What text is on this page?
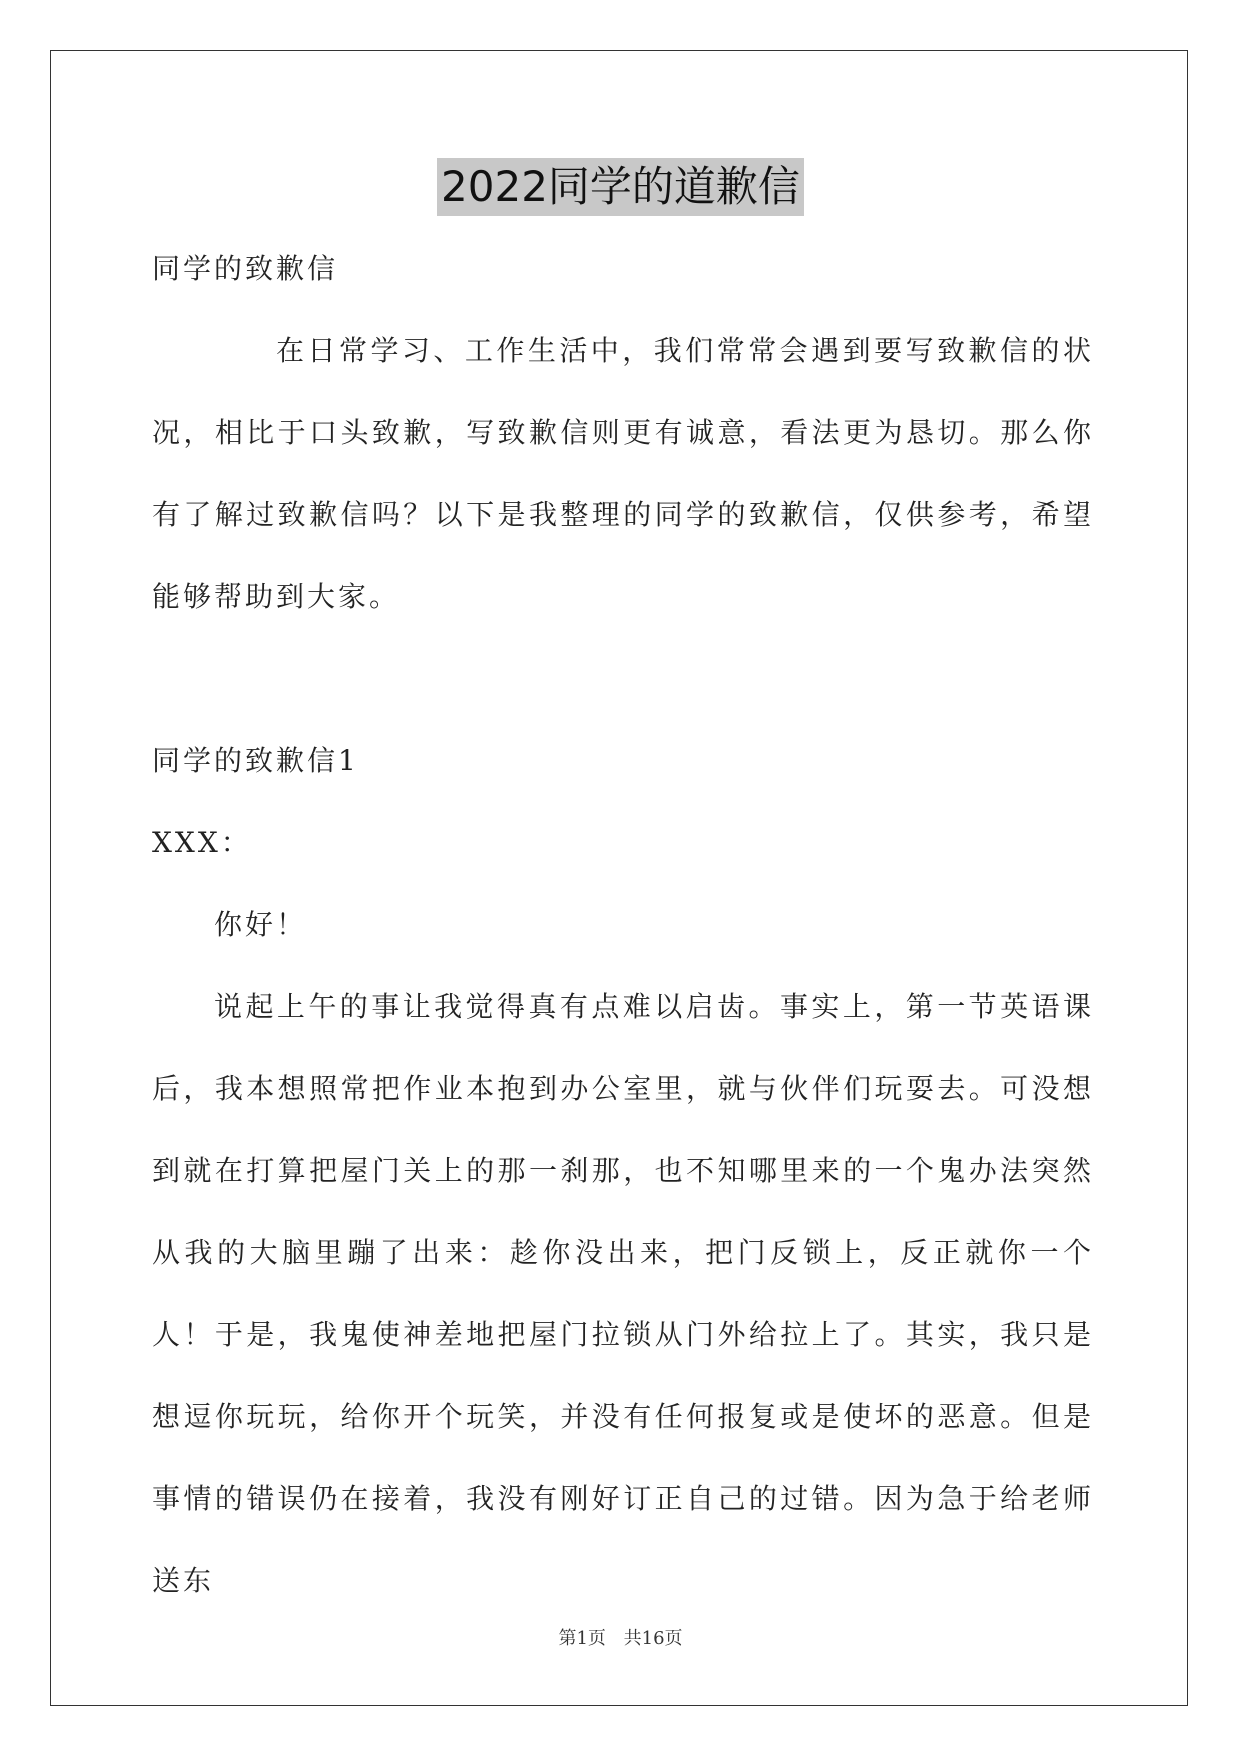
2022同学的道歉信

同学的致歉信

在日常学习、工作生活中，我们常常会遇到要写致歉信的状况，相比于口头致歉，写致歉信则更有诚意，看法更为恳切。那么你有了解过致歉信吗？以下是我整理的同学的致歉信，仅供参考，希望能够帮助到大家。

同学的致歉信1

XXX：

你好！

说起上午的事让我觉得真有点难以启齿。事实上，第一节英语课后，我本想照常把作业本抱到办公室里，就与伙伴们玩耍去。可没想到就在打算把屋门关上的那一刹那，也不知哪里来的一个鬼办法突然从我的大脑里蹦了出来：趁你没出来，把门反锁上，反正就你一个人！于是，我鬼使神差地把屋门拉锁从门外给拉上了。其实，我只是想逗你玩玩，给你开个玩笑，并没有任何报复或是使坏的恶意。但是事情的错误仍在接着，我没有刚好订正自己的过错。因为急于给老师送东

第1页 共16页
